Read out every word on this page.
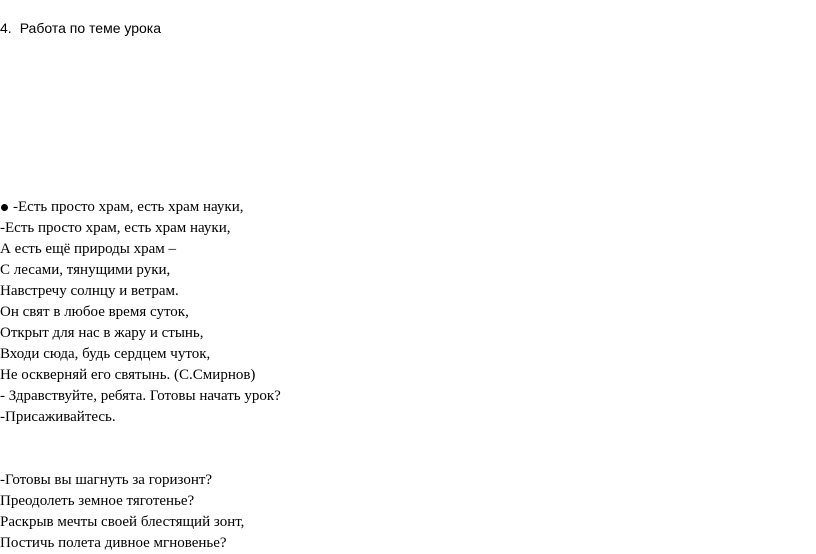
4. Работа по теме урока
-Есть просто храм, есть храм науки,
-Есть просто храм, есть храм науки,
А есть ещё природы храм –
С лесами, тянущими руки,
Навстречу солнцу и ветрам.
Он свят в любое время суток,
Открыт для нас в жару и стынь,
Входи сюда, будь сердцем чуток,
Не оскверняй его святынь. (С.Смирнов)
- Здравствуйте, ребята. Готовы начать урок?
-Присаживайтесь.
-Готовы вы шагнуть за горизонт?
Преодолеть земное тяготенье?
Раскрыв мечты своей блестящий зонт,
Постичь полета дивное мгновенье?
